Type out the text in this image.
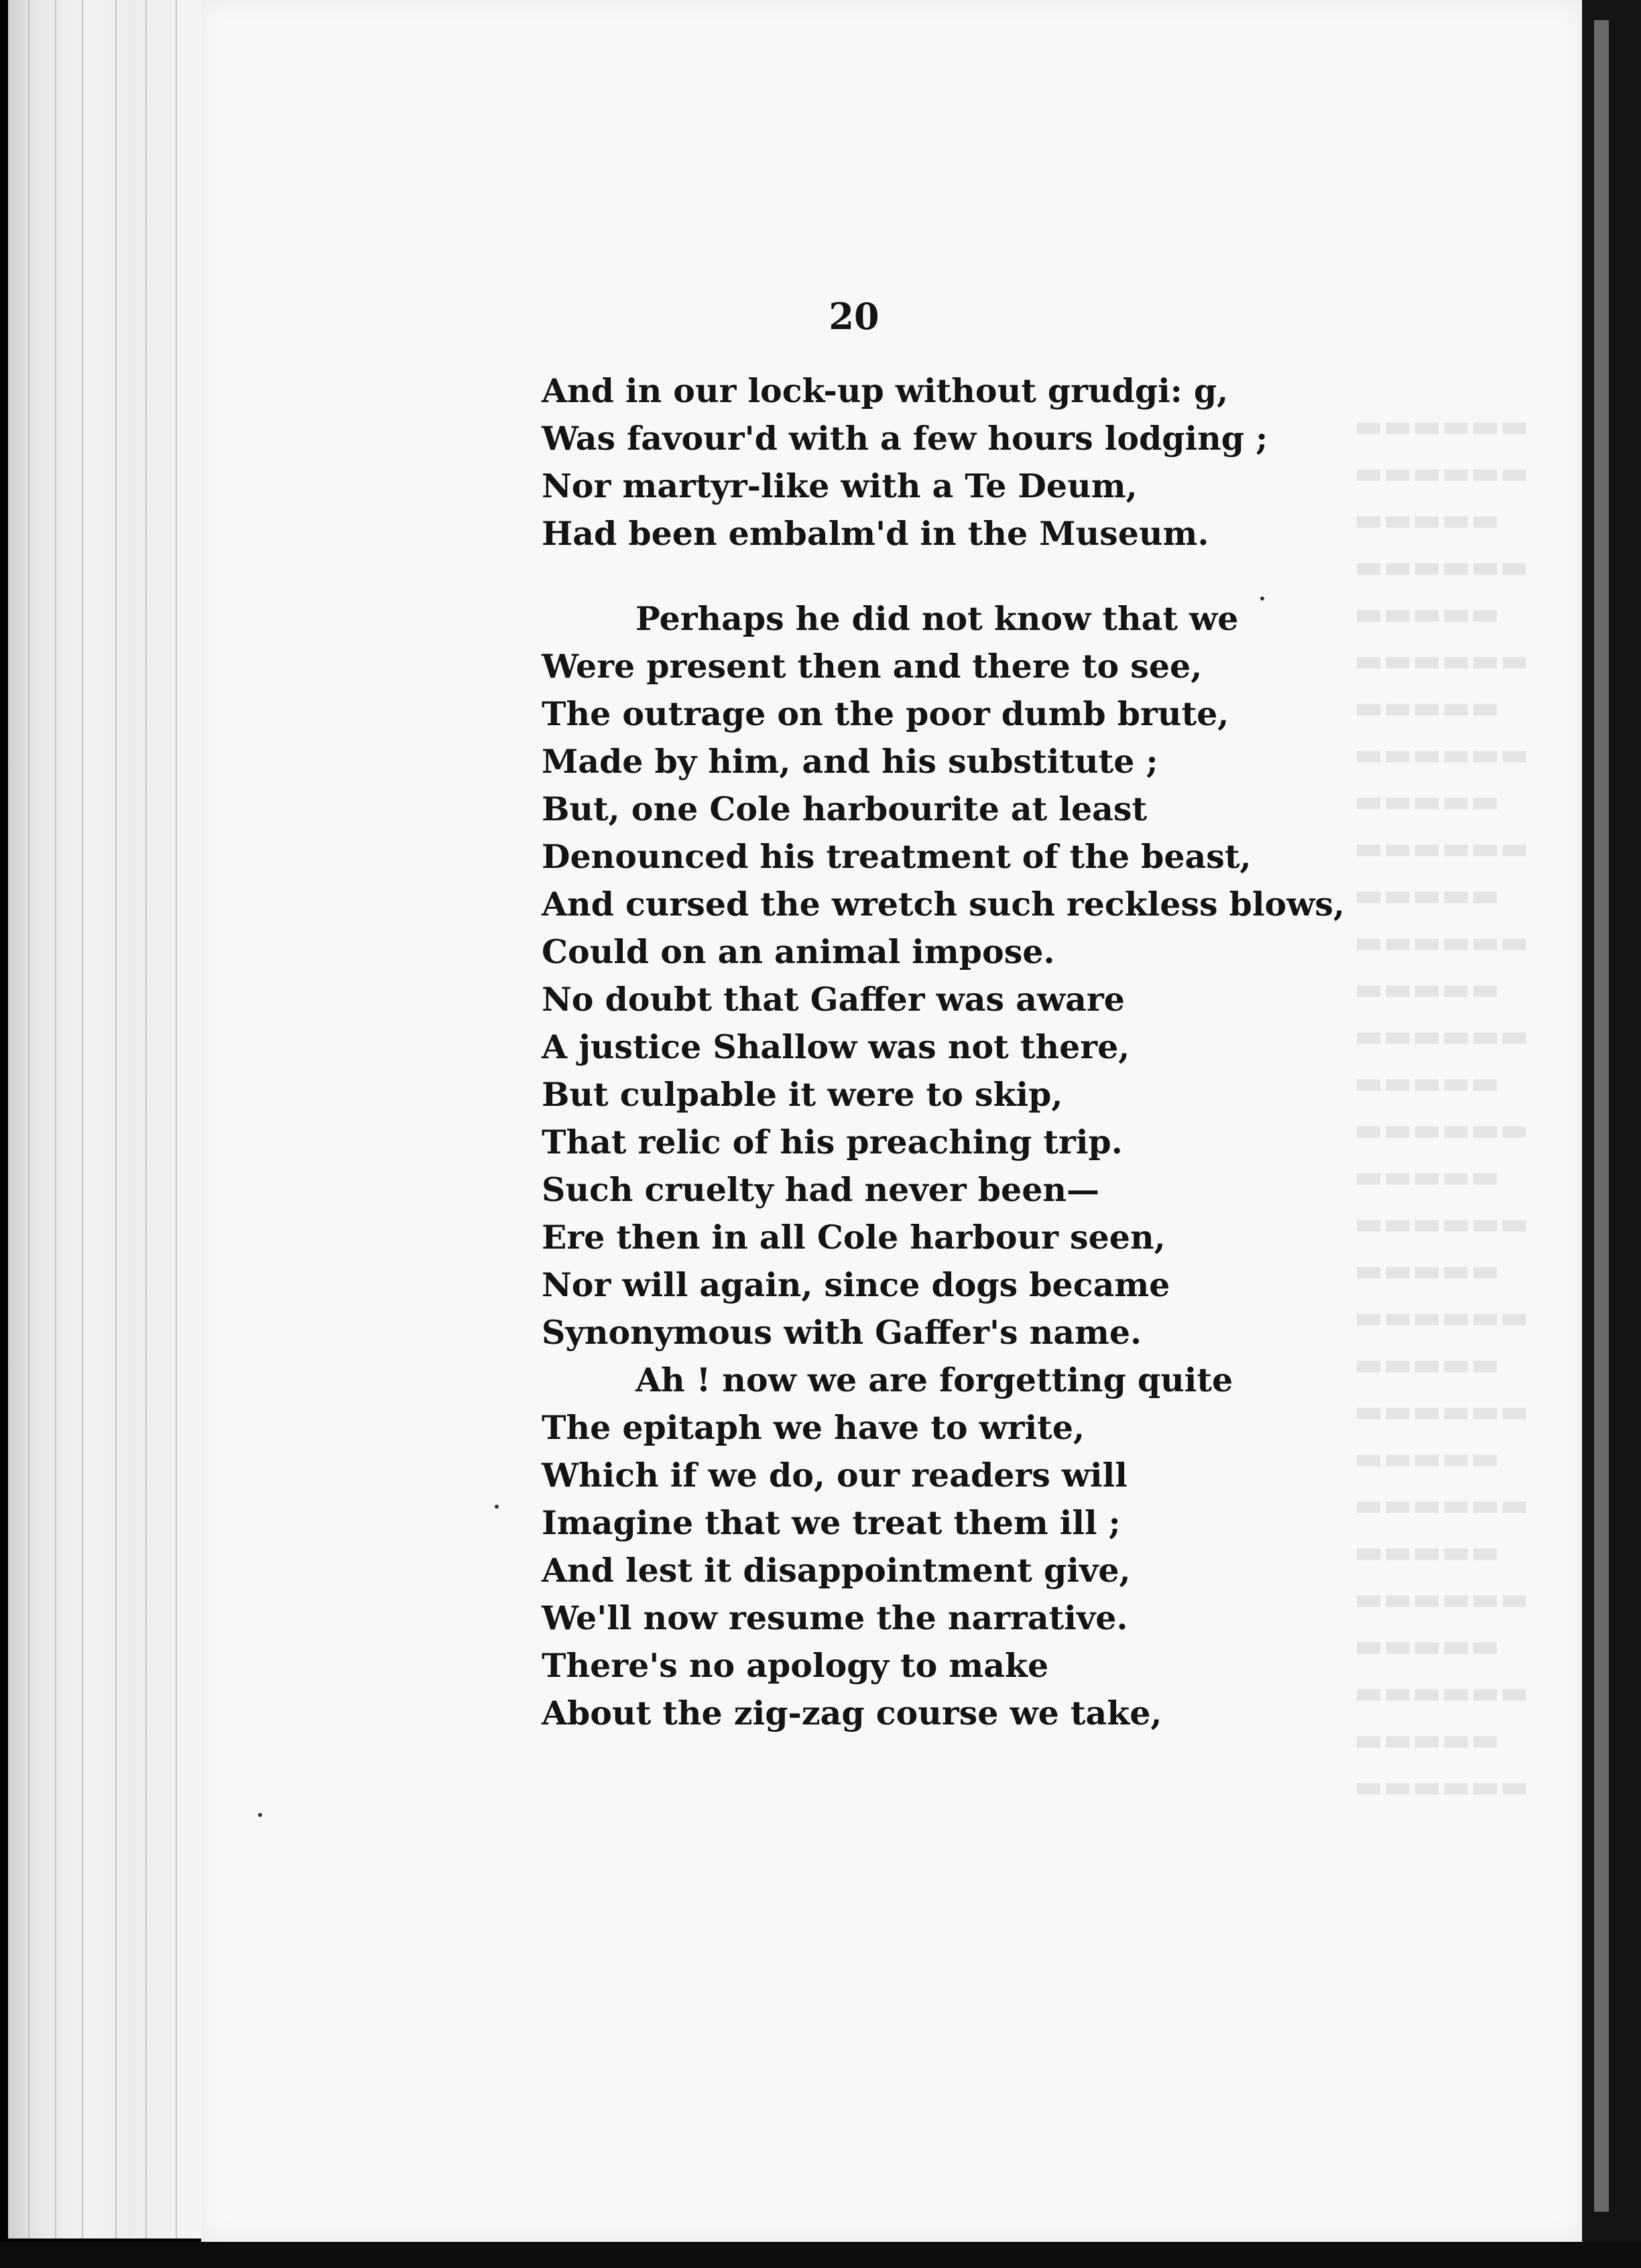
▬▬▬▬▬▬
▬▬▬▬▬▬
▬▬▬▬▬
▬▬▬▬▬▬
▬▬▬▬▬
▬▬▬▬▬▬
▬▬▬▬▬
▬▬▬▬▬▬
▬▬▬▬▬
▬▬▬▬▬▬
▬▬▬▬▬
▬▬▬▬▬▬
▬▬▬▬▬
▬▬▬▬▬▬
▬▬▬▬▬
▬▬▬▬▬▬
▬▬▬▬▬
▬▬▬▬▬▬
▬▬▬▬▬
▬▬▬▬▬▬
▬▬▬▬▬
▬▬▬▬▬▬
▬▬▬▬▬
▬▬▬▬▬▬
▬▬▬▬▬
▬▬▬▬▬▬
▬▬▬▬▬
▬▬▬▬▬▬
▬▬▬▬▬
▬▬▬▬▬▬
20
And in our lock-up without grudgi: g,
Was favour'd with a few hours lodging ;
Nor martyr-like with a Te Deum,
Had been embalm'd in the Museum.
Perhaps he did not know that we
Were present then and there to see,
The outrage on the poor dumb brute,
Made by him, and his substitute ;
But, one Cole harbourite at least
Denounced his treatment of the beast,
And cursed the wretch such reckless blows,
Could on an animal impose.
No doubt that Gaffer was aware
A justice Shallow was not there,
But culpable it were to skip,
That relic of his preaching trip.
Such cruelty had never been—
Ere then in all Cole harbour seen,
Nor will again, since dogs became
Synonymous with Gaffer's name.
Ah ! now we are forgetting quite
The epitaph we have to write,
Which if we do, our readers will
Imagine that we treat them ill ;
And lest it disappointment give,
We'll now resume the narrative.
There's no apology to make
About the zig-zag course we take,
